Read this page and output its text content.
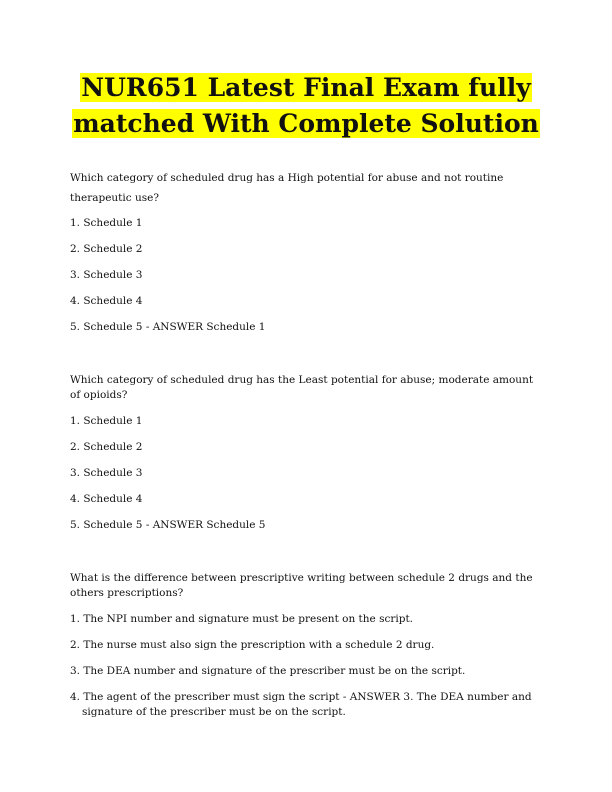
NUR651 Latest Final Exam fully
matched With Complete Solution
Which category of scheduled drug has a High potential for abuse and not routine therapeutic use?
1. Schedule 1
2. Schedule 2
3. Schedule 3
4. Schedule 4
5. Schedule 5 - ANSWER Schedule 1
Which category of scheduled drug has the Least potential for abuse; moderate amount of opioids?
1. Schedule 1
2. Schedule 2
3. Schedule 3
4. Schedule 4
5. Schedule 5 - ANSWER Schedule 5
What is the difference between prescriptive writing between schedule 2 drugs and the others prescriptions?
1. The NPI number and signature must be present on the script.
2. The nurse must also sign the prescription with a schedule 2 drug.
3. The DEA number and signature of the prescriber must be on the script.
4. The agent of the prescriber must sign the script - ANSWER 3. The DEA number and signature of the prescriber must be on the script.
